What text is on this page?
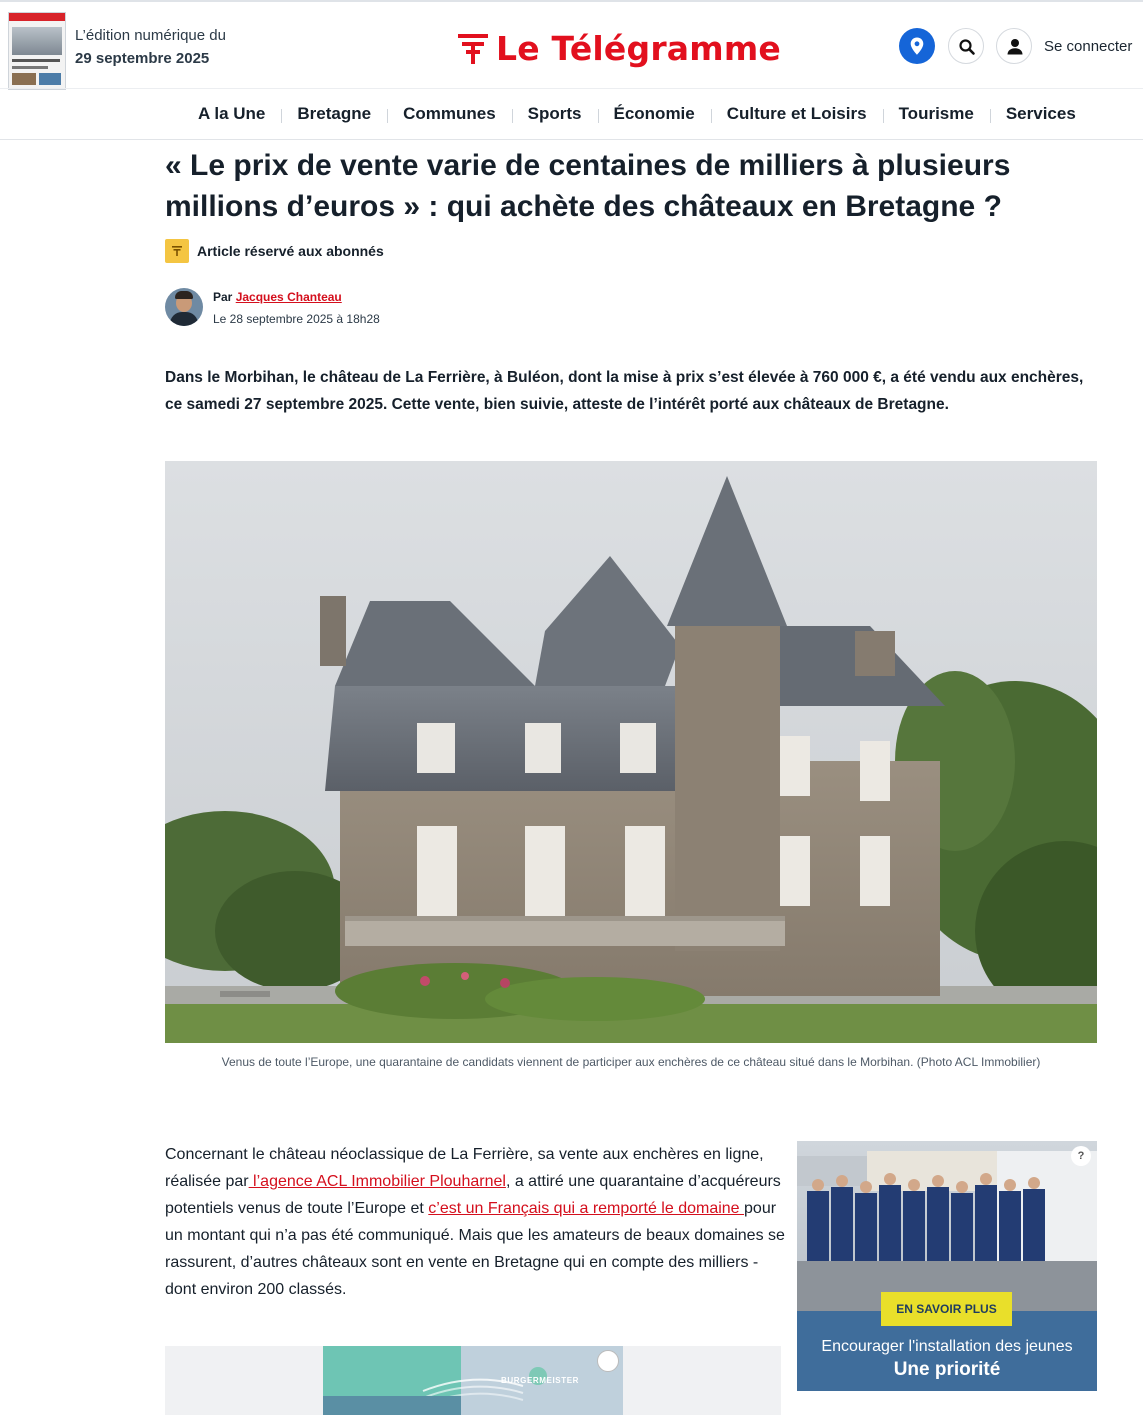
L’édition numérique du
29 septembre 2025	Le Télégramme	Se connecter
A la Une	Bretagne	Communes	Sports	Économie	Culture et Loisirs	Tourisme	Services
« Le prix de vente varie de centaines de milliers à plusieurs millions d’euros » : qui achète des châteaux en Bretagne ?
Article réservé aux abonnés
Par Jacques Chanteau
Le 28 septembre 2025 à 18h28

Dans le Morbihan, le château de La Ferrière, à Buléon, dont la mise à prix s’est élevée à 760 000 €, a été vendu aux enchères, ce samedi 27 septembre 2025. Cette vente, bien suivie, atteste de l’intérêt porté aux châteaux de Bretagne.

Venus de toute l’Europe, une quarantaine de candidats viennent de participer aux enchères de ce château situé dans le Morbihan. (Photo ACL Immobilier)

Concernant le château néoclassique de La Ferrière, sa vente aux enchères en ligne, réalisée par l’agence ACL Immobilier Plouharnel, a attiré une quarantaine d’acquéreurs potentiels venus de toute l’Europe et c’est un Français qui a remporté le domaine pour un montant qui n’a pas été communiqué. Mais que les amateurs de beaux domaines se rassurent, d’autres châteaux sont en vente en Bretagne qui en compte des milliers - dont environ 200 classés.

?
EN SAVOIR PLUS
Encourager l'installation des jeunes
Une priorité
BURGERMEISTER
